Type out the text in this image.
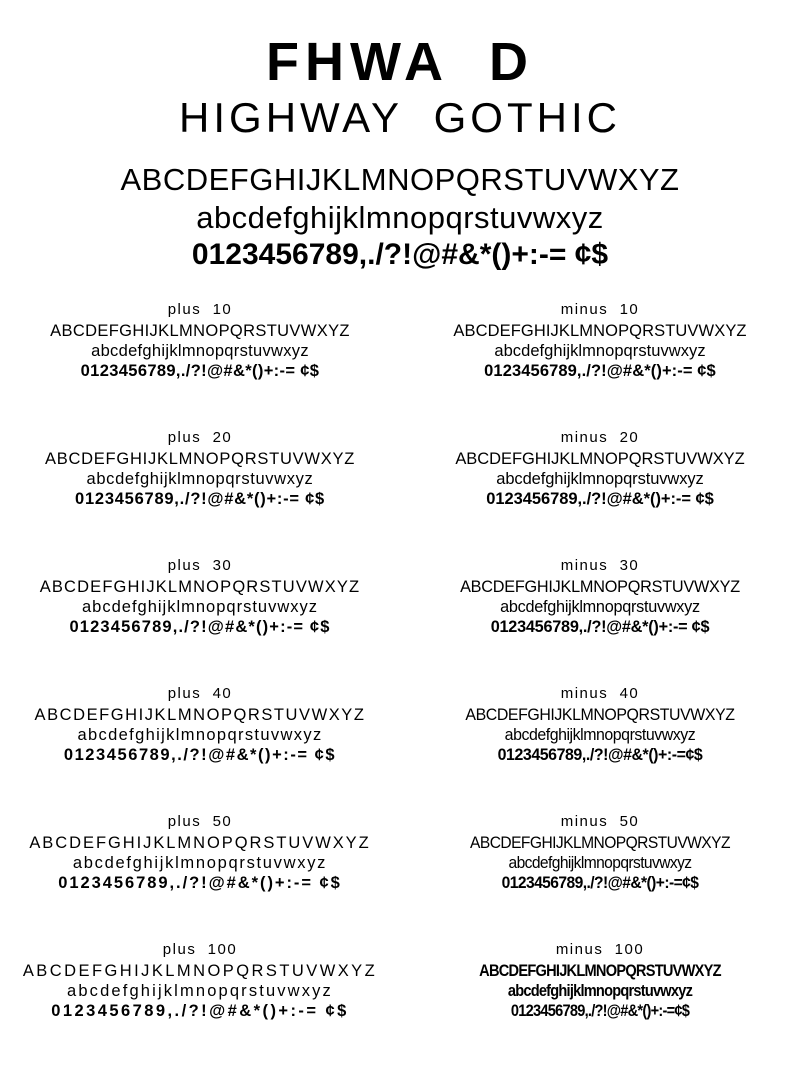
FHWA  D
HIGHWAY  GOTHIC
ABCDEFGHIJKLMNOPQRSTUVWXYZ
abcdefghijklmnopqrstuvwxyz
0123456789,./?!@#&*()+:-= ¢$
plus  10
ABCDEFGHIJKLMNOPQRSTUVWXYZ
abcdefghijklmnopqrstuvwxyz
0123456789,./?!@#&*()+:-= ¢$
minus  10
ABCDEFGHIJKLMNOPQRSTUVWXYZ
abcdefghijklmnopqrstuvwxyz
0123456789,./?!@#&*()+:-= ¢$
plus  20
ABCDEFGHIJKLMNOPQRSTUVWXYZ
abcdefghijklmnopqrstuvwxyz
0123456789,./?!@#&*()+:-= ¢$
minus  20
ABCDEFGHIJKLMNOPQRSTUVWXYZ
abcdefghijklmnopqrstuvwxyz
0123456789,./?!@#&*()+:-= ¢$
plus  30
ABCDEFGHIJKLMNOPQRSTUVWXYZ
abcdefghijklmnopqrstuvwxyz
0123456789,./?!@#&*()+:-= ¢$
minus  30
ABCDEFGHIJKLMNOPQRSTUVWXYZ
abcdefghijklmnopqrstuvwxyz
0123456789,./?!@#&*()+:-= ¢$
plus  40
ABCDEFGHIJKLMNOPQRSTUVWXYZ
abcdefghijklmnopqrstuvwxyz
0123456789,./?!@#&*()+:-= ¢$
minus  40
ABCDEFGHIJKLMNOPQRSTUVWXYZ
abcdefghijklmnopqrstuvwxyz
0123456789,./?!@#&*()+:-=¢$
plus  50
ABCDEFGHIJKLMNOPQRSTUVWXYZ
abcdefghijklmnopqrstuvwxyz
0123456789,./?!@#&*()+:-= ¢$
minus  50
ABCDEFGHIJKLMNOPQRSTUVWXYZ
abcdefghijklmnopqrstuvwxyz
0123456789,./?!@#&*()+:-=¢$
plus  100
ABCDEFGHIJKLMNOPQRSTUVWXYZ
abcdefghijklmnopqrstuvwxyz
0123456789,./?!@#&*()+:-= ¢$
minus  100
ABCDEFGHIJKLMNOPQRSTUVWXYZ
abcdefghijklmnopqrstuvwxyz
0123456789,./?!@#&*()+:-=¢$
